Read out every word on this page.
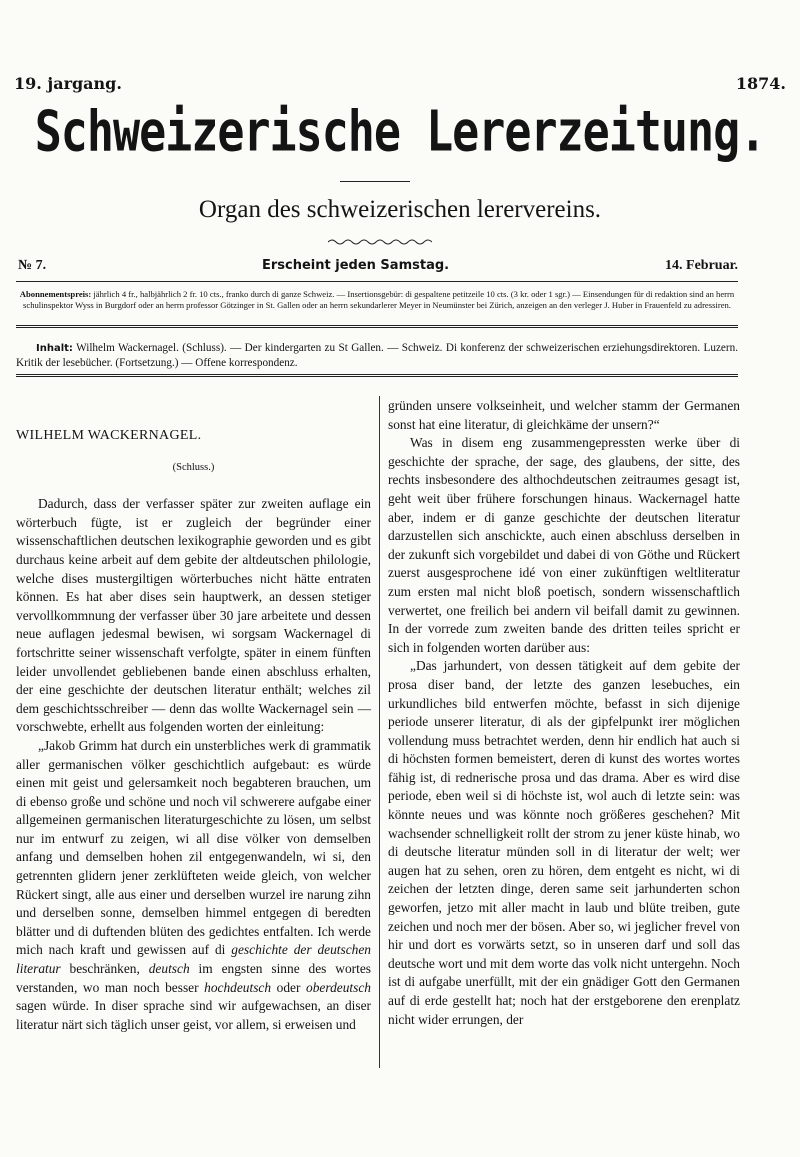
19. jargang.	1874.
Schweizerische Lererzeitung.
Organ des schweizerischen lerervereins.
№ 7.	Erscheint jeden Samstag.	14. Februar.
Abonnementspreis: jährlich 4 fr., halbjährlich 2 fr. 10 cts., franko durch di ganze Schweiz. — Insertionsgebür: di gespaltene petitzeile 10 cts. (3 kr. oder 1 sgr.) — Einsendungen für di redaktion sind an herrn schulinspektor Wyss in Burgdorf oder an herrn professor Götzinger in St. Gallen oder an herrn sekundarlerer Meyer in Neumünster bei Zürich, anzeigen an den verleger J. Huber in Frauenfeld zu adressiren.
Inhalt: Wilhelm Wackernagel. (Schluss). — Der kindergarten zu St Gallen. — Schweiz. Di konferenz der schweizerischen erziehungsdirektoren. Luzern. Kritik der lesebücher. (Fortsetzung.) — Offene korrespondenz.

WILHELM WACKERNAGEL.

(Schluss.)

Dadurch, dass der verfasser später zur zweiten auflage ein wörterbuch fügte, ist er zugleich der begründer einer wissenschaftlichen deutschen lexikographie geworden und es gibt durchaus keine arbeit auf dem gebite der altdeutschen philologie, welche dises mustergiltigen wörterbuches nicht hätte entraten können. Es hat aber dises sein hauptwerk, an dessen stetiger vervollkommnung der verfasser über 30 jare arbeitete und dessen neue auflagen jedesmal bewisen, wi sorgsam Wackernagel di fortschritte seiner wissenschaft verfolgte, später in einem fünften leider unvollendet gebliebenen bande einen abschluss erhalten, der eine geschichte der deutschen literatur enthält; welches zil dem geschichtsschreiber — denn das wollte Wackernagel sein — vorschwebte, erhellt aus folgenden worten der einleitung:

„Jakob Grimm hat durch ein unsterbliches werk di grammatik aller germanischen völker geschichtlich aufgebaut: es würde einen mit geist und gelersamkeit noch begabteren brauchen, um di ebenso große und schöne und noch vil schwerere aufgabe einer allgemeinen germanischen literaturgeschichte zu lösen, um selbst nur im entwurf zu zeigen, wi all dise völker von demselben anfang und demselben hohen zil entgegenwandeln, wi si, den getrennten glidern jener zerklüfteten weide gleich, von welcher Rückert singt, alle aus einer und derselben wurzel ire narung zihn und derselben sonne, demselben himmel entgegen di beredten blätter und di duftenden blüten des gedichtes entfalten. Ich werde mich nach kraft und gewissen auf di geschichte der deutschen literatur beschränken, deutsch im engsten sinne des wortes verstanden, wo man noch besser hochdeutsch oder oberdeutsch sagen würde. In diser sprache sind wir aufgewachsen, an diser literatur närt sich täglich unser geist, vor allem, si erweisen und

gründen unsere volkseinheit, und welcher stamm der Germanen sonst hat eine literatur, di gleichkäme der unsern?“

Was in disem eng zusammengepressten werke über di geschichte der sprache, der sage, des glaubens, der sitte, des rechts insbesondere des althochdeutschen zeitraumes gesagt ist, geht weit über frühere forschungen hinaus. Wackernagel hatte aber, indem er di ganze geschichte der deutschen literatur darzustellen sich anschickte, auch einen abschluss derselben in der zukunft sich vorgebildet und dabei di von Göthe und Rückert zuerst ausgesprochene idé von einer zukünftigen weltliteratur zum ersten mal nicht bloß poetisch, sondern wissenschaftlich verwertet, one freilich bei andern vil beifall damit zu gewinnen. In der vorrede zum zweiten bande des dritten teiles spricht er sich in folgenden worten darüber aus:

„Das jarhundert, von dessen tätigkeit auf dem gebite der prosa diser band, der letzte des ganzen lesebuches, ein urkundliches bild entwerfen möchte, befasst in sich dijenige periode unserer literatur, di als der gipfelpunkt irer möglichen vollendung muss betrachtet werden, denn hir endlich hat auch si di höchsten formen bemeistert, deren di kunst des wortes wortes fähig ist, di rednerische prosa und das drama. Aber es wird dise periode, eben weil si di höchste ist, wol auch di letzte sein: was könnte neues und was könnte noch größeres geschehen? Mit wachsender schnelligkeit rollt der strom zu jener küste hinab, wo di deutsche literatur münden soll in di literatur der welt; wer augen hat zu sehen, oren zu hören, dem entgeht es nicht, wi di zeichen der letzten dinge, deren same seit jarhunderten schon geworfen, jetzo mit aller macht in laub und blüte treiben, gute zeichen und noch mer der bösen. Aber so, wi jeglicher frevel von hir und dort es vorwärts setzt, so in unseren darf und soll das deutsche wort und mit dem worte das volk nicht untergehn. Noch ist di aufgabe unerfüllt, mit der ein gnädiger Gott den Germanen auf di erde gestellt hat; noch hat der erstgeborene den erenplatz nicht wider errungen, der
